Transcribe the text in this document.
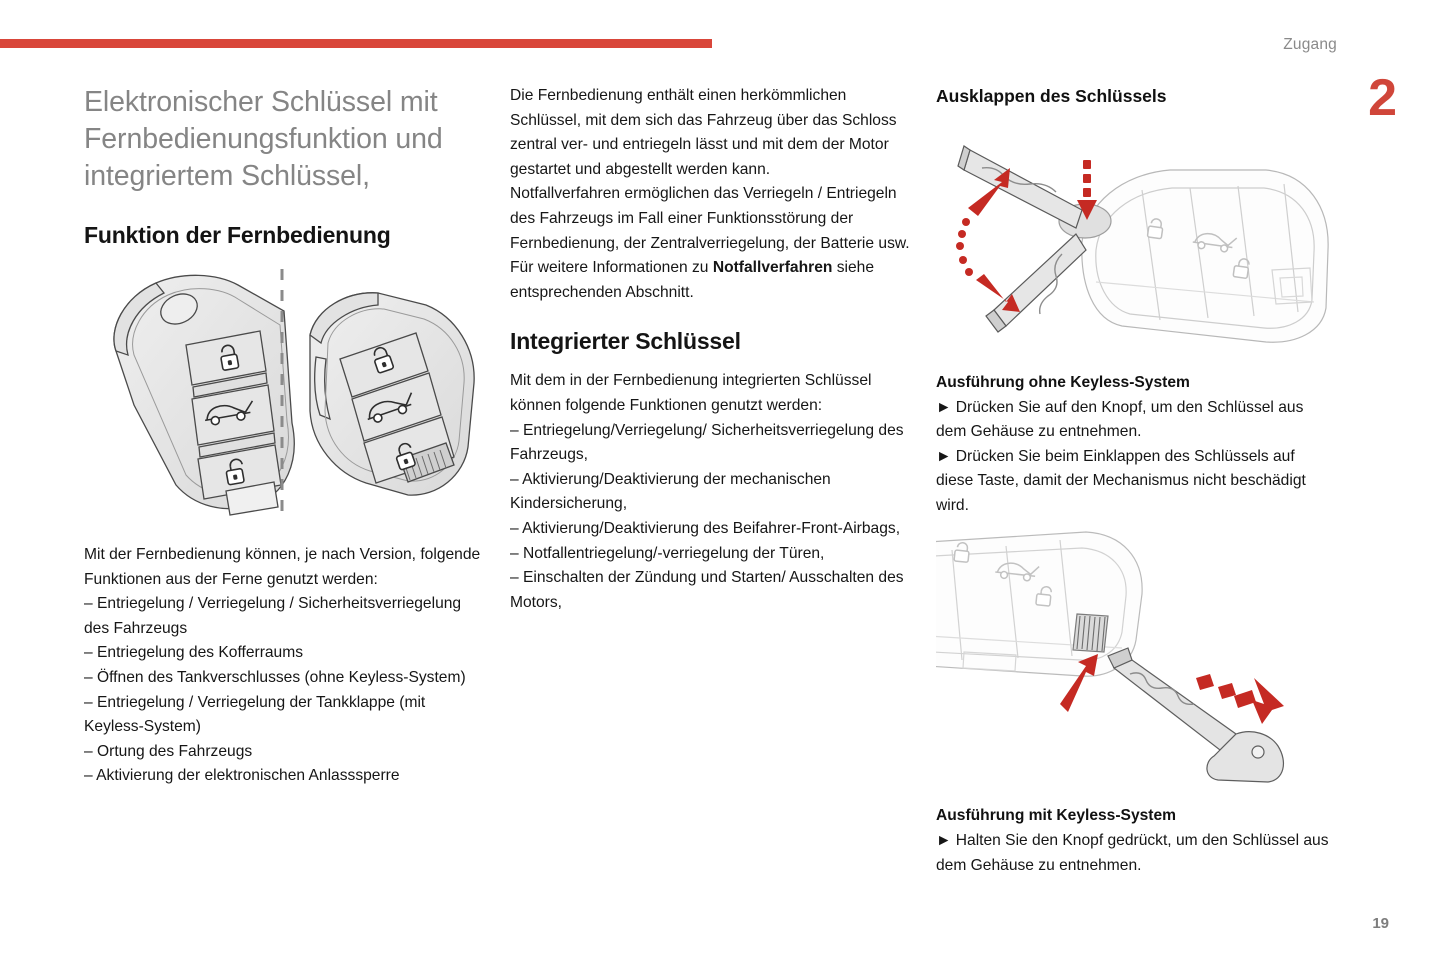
Zugang
2
19
Elektronischer Schlüssel mit Fernbedienungsfunktion und integriertem Schlüssel,
Funktion der Fernbedienung

Mit der Fernbedienung können, je nach Version, folgende Funktionen aus der Ferne genutzt werden:

– Entriegelung / Verriegelung / Sicherheitsverriegelung des Fahrzeugs

– Entriegelung des Kofferraums

– Öffnen des Tankverschlusses (ohne Keyless-System)

– Entriegelung / Verriegelung der Tankklappe (mit Keyless-System)

– Ortung des Fahrzeugs

– Aktivierung der elektronischen Anlasssperre

Die Fernbedienung enthält einen herkömmlichen Schlüssel, mit dem sich das Fahrzeug über das Schloss zentral ver- und entriegeln lässt und mit dem der Motor gestartet und abgestellt werden kann.

Notfallverfahren ermöglichen das Verriegeln / Entriegeln des Fahrzeugs im Fall einer Funktionsstörung der Fernbedienung, der Zentralverriegelung, der Batterie usw. Für weitere Informationen zu Notfallverfahren siehe entsprechenden Abschnitt.

Integrierter Schlüssel

Mit dem in der Fernbedienung integrierten Schlüssel können folgende Funktionen genutzt werden:

– Entriegelung/Verriegelung/ Sicherheitsverriegelung des Fahrzeugs,

– Aktivierung/Deaktivierung der mechanischen Kindersicherung,

– Aktivierung/Deaktivierung des Beifahrer-Front-Airbags,

– Notfallentriegelung/-verriegelung der Türen,

– Einschalten der Zündung und Starten/ Ausschalten des Motors,

Ausklappen des Schlüssels
Ausführung ohne Keyless-System

► Drücken Sie auf den Knopf, um den Schlüssel aus dem Gehäuse zu entnehmen.

► Drücken Sie beim Einklappen des Schlüssels auf diese Taste, damit der Mechanismus nicht beschädigt wird.

Ausführung mit Keyless-System

► Halten Sie den Knopf gedrückt, um den Schlüssel aus dem Gehäuse zu entnehmen.
